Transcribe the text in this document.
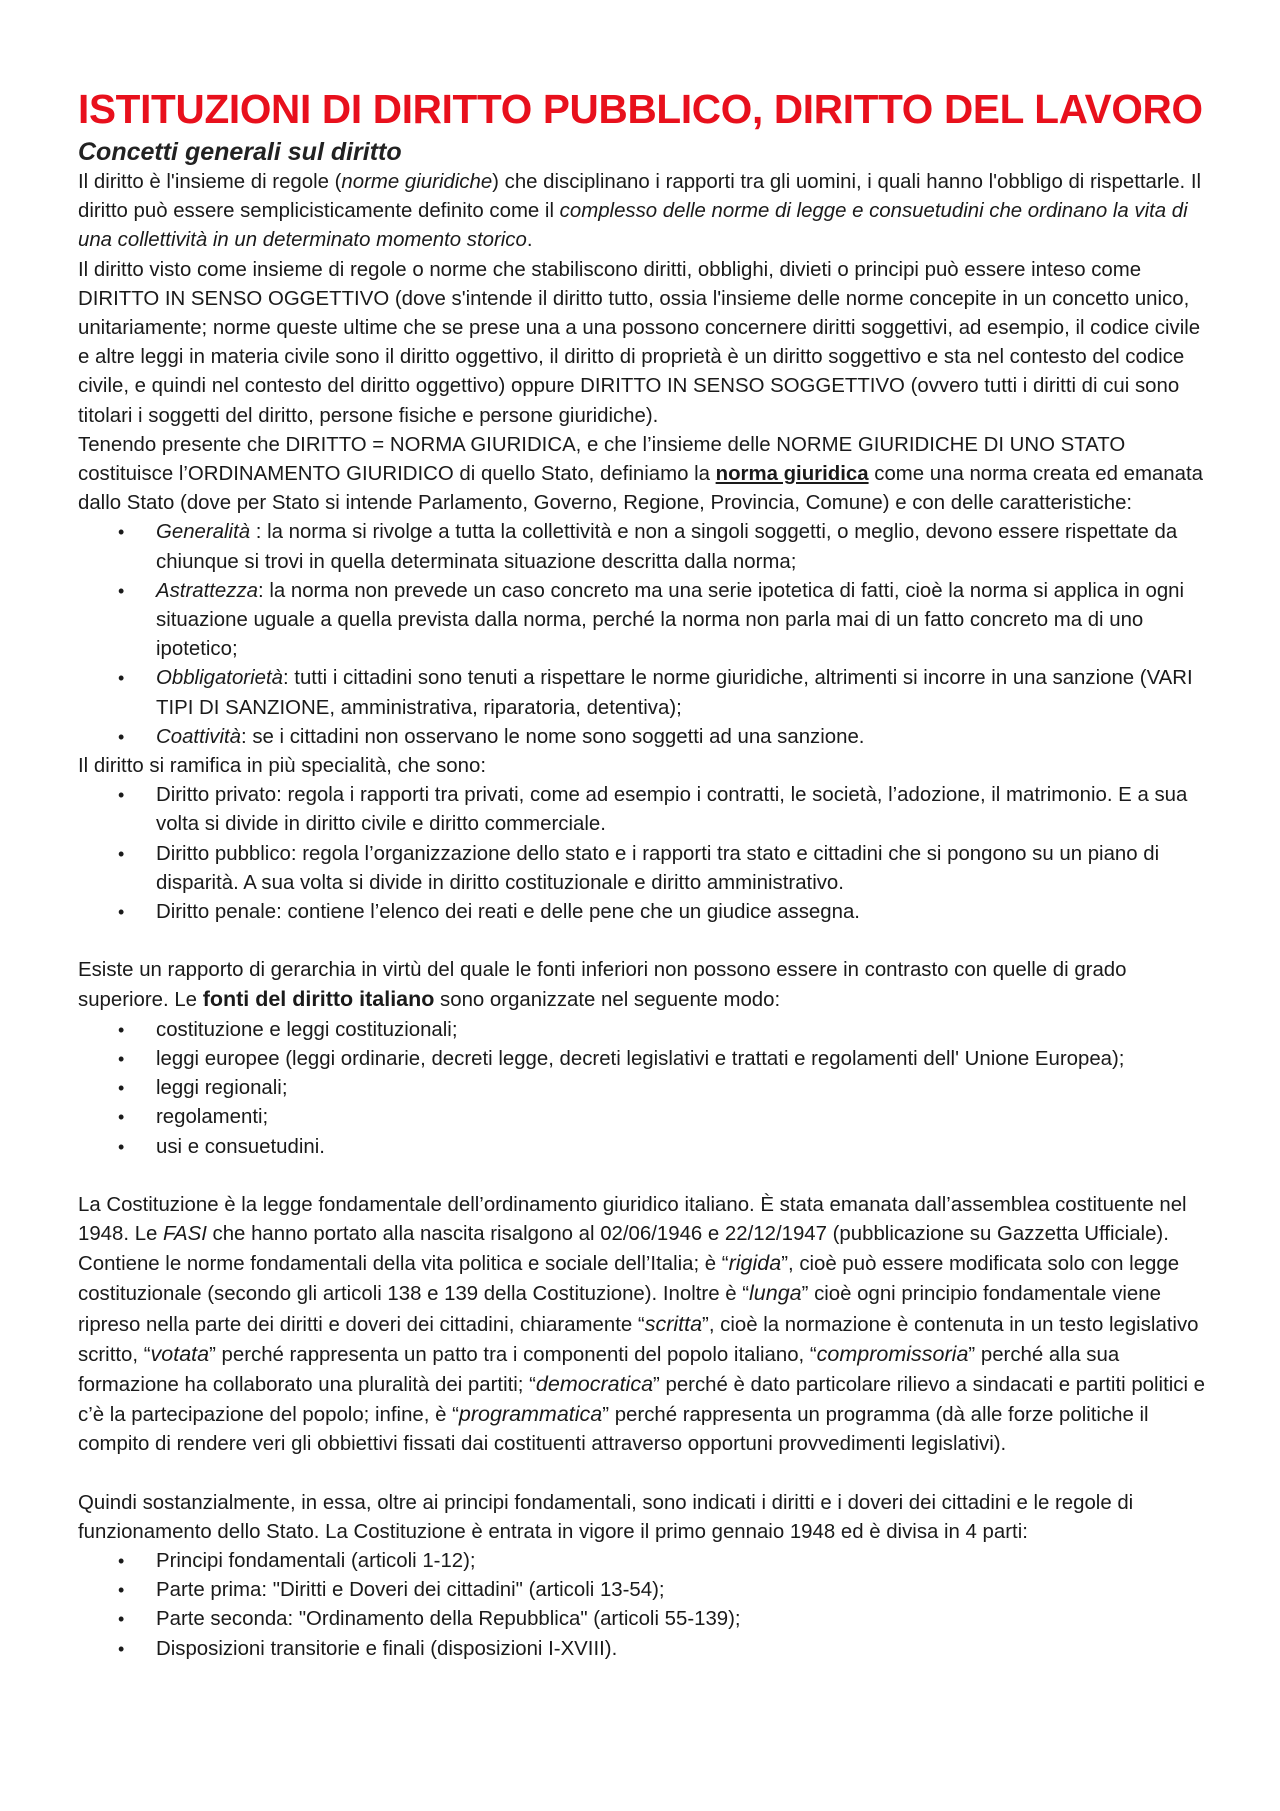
ISTITUZIONI DI DIRITTO PUBBLICO, DIRITTO DEL LAVORO
Concetti generali sul diritto

Il diritto è l'insieme di regole (norme giuridiche) che disciplinano i rapporti tra gli uomini, i quali hanno l'obbligo di rispettarle. Il diritto può essere semplicisticamente definito come il complesso delle norme di legge e consuetudini che ordinano la vita di una collettività in un determinato momento storico.

Il diritto visto come insieme di regole o norme che stabiliscono diritti, obblighi, divieti o principi può essere inteso come DIRITTO IN SENSO OGGETTIVO (dove s'intende il diritto tutto, ossia l'insieme delle norme concepite in un concetto unico, unitariamente; norme queste ultime che se prese una a una possono concernere diritti soggettivi, ad esempio, il codice civile e altre leggi in materia civile sono il diritto oggettivo, il diritto di proprietà è un diritto soggettivo e sta nel contesto del codice civile, e quindi nel contesto del diritto oggettivo) oppure DIRITTO IN SENSO SOGGETTIVO (ovvero tutti i diritti di cui sono titolari i soggetti del diritto, persone fisiche e persone giuridiche).

Tenendo presente che DIRITTO = NORMA GIURIDICA, e che l’insieme delle NORME GIURIDICHE DI UNO STATO costituisce l’ORDINAMENTO GIURIDICO di quello Stato, definiamo la norma giuridica come una norma creata ed emanata dallo Stato (dove per Stato si intende Parlamento, Governo, Regione, Provincia, Comune) e con delle caratteristiche:

• Generalità : la norma si rivolge a tutta la collettività e non a singoli soggetti, o meglio, devono essere rispettate da chiunque si trovi in quella determinata situazione descritta dalla norma;
• Astrattezza: la norma non prevede un caso concreto ma una serie ipotetica di fatti, cioè la norma si applica in ogni situazione uguale a quella prevista dalla norma, perché la norma non parla mai di un fatto concreto ma di uno ipotetico;
• Obbligatorietà: tutti i cittadini sono tenuti a rispettare le norme giuridiche, altrimenti si incorre in una sanzione (VARI TIPI DI SANZIONE, amministrativa, riparatoria, detentiva);
• Coattività: se i cittadini non osservano le nome sono soggetti ad una sanzione.

Il diritto si ramifica in più specialità, che sono:

• Diritto privato: regola i rapporti tra privati, come ad esempio i contratti, le società, l’adozione, il matrimonio. E a sua volta si divide in diritto civile e diritto commerciale.
• Diritto pubblico: regola l’organizzazione dello stato e i rapporti tra stato e cittadini che si pongono su un piano di disparità. A sua volta si divide in diritto costituzionale e diritto amministrativo.
• Diritto penale: contiene l’elenco dei reati e delle pene che un giudice assegna.

Esiste un rapporto di gerarchia in virtù del quale le fonti inferiori non possono essere in contrasto con quelle di grado superiore. Le fonti del diritto italiano sono organizzate nel seguente modo:

• costituzione e leggi costituzionali;
• leggi europee (leggi ordinarie, decreti legge, decreti legislativi e trattati e regolamenti dell' Unione Europea);
• leggi regionali;
• regolamenti;
• usi e consuetudini.

La Costituzione è la legge fondamentale dell’ordinamento giuridico italiano. È stata emanata dall’assemblea costituente nel 1948. Le FASI che hanno portato alla nascita risalgono al 02/06/1946 e 22/12/1947 (pubblicazione su Gazzetta Ufficiale). Contiene le norme fondamentali della vita politica e sociale dell’Italia; è “rigida”, cioè può essere modificata solo con legge costituzionale (secondo gli articoli 138 e 139 della Costituzione). Inoltre è “lunga” cioè ogni principio fondamentale viene ripreso nella parte dei diritti e doveri dei cittadini, chiaramente “scritta”, cioè la normazione è contenuta in un testo legislativo scritto, “votata” perché rappresenta un patto tra i componenti del popolo italiano, “compromissoria” perché alla sua formazione ha collaborato una pluralità dei partiti; “democratica” perché è dato particolare rilievo a sindacati e partiti politici e c’è la partecipazione del popolo; infine, è “programmatica” perché rappresenta un programma (dà alle forze politiche il compito di rendere veri gli obbiettivi fissati dai costituenti attraverso opportuni provvedimenti legislativi).

Quindi sostanzialmente, in essa, oltre ai principi fondamentali, sono indicati i diritti e i doveri dei cittadini e le regole di funzionamento dello Stato. La Costituzione è entrata in vigore il primo gennaio 1948 ed è divisa in 4 parti:

• Principi fondamentali (articoli 1-12);
• Parte prima: "Diritti e Doveri dei cittadini" (articoli 13-54);
• Parte seconda: "Ordinamento della Repubblica" (articoli 55-139);
• Disposizioni transitorie e finali (disposizioni I-XVIII).
